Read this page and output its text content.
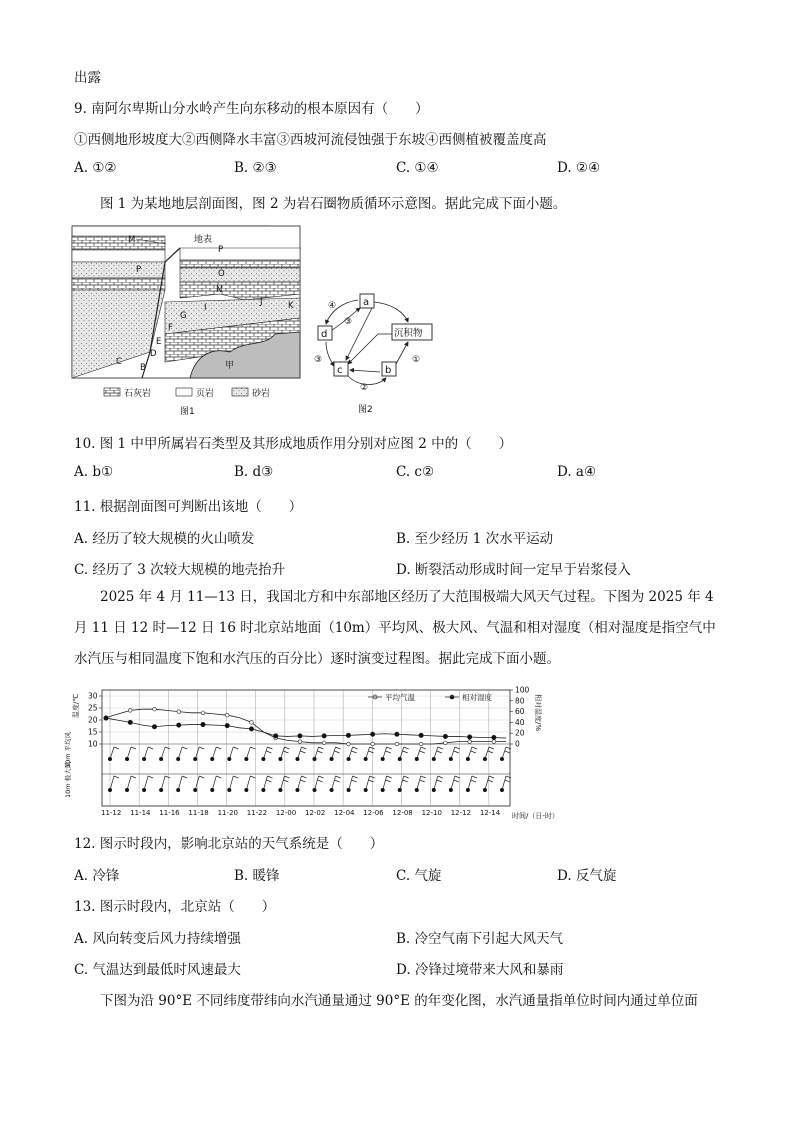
出露
9. 南阿尔卑斯山分水岭产生向东移动的根本原因有（　　）
①西侧地形坡度大②西侧降水丰富③西坡河流侵蚀强于东坡④西侧植被覆盖度高
A. ①②	B. ②③	C. ①④	D. ②④
图 1 为某地地层剖面图，图 2 为岩石圈物质循环示意图。据此完成下面小题。
M	地表
P
O
N
P
G
F
I
J	K
E
D
C
B	甲
石灰岩	页岩	砂岩
图1
a
d
c	b
沉积物
④
③
③
②
①
图2
10. 图 1 中甲所属岩石类型及其形成地质作用分别对应图 2 中的（　　）
A. b①	B. d③	C. c②	D. a④
11. 根据剖面图可判断出该地（　　）
A. 经历了较大规模的火山喷发	B. 至少经历 1 次水平运动
C. 经历了 3 次较大规模的地壳抬升	D. 断裂活动形成时间一定早于岩浆侵入
2025 年 4 月 11—13 日，我国北方和中东部地区经历了大范围极端大风天气过程。下图为 2025 年 4 月 11 日 12 时—12 日 16 时北京站地面（10m）平均风、极大风、气温和相对湿度（相对湿度是指空气中水汽压与相同温度下饱和水汽压的百分比）逐时演变过程图。据此完成下面小题。
温度/℃	相对湿度/%
10m 平均风
10m 极大风
平均气温	相对湿度
时间/（日-时）
10
15
20
25
30
0
20
40
60
80
100
11-12 11-14 11-16 11-18 11-20 11-22 12-00 12-02 12-04 12-06 12-08 12-10 12-12 12-14
12. 图示时段内，影响北京站的天气系统是（　　）
A. 冷锋	B. 暖锋	C. 气旋	D. 反气旋
13. 图示时段内，北京站（　　）
A. 风向转变后风力持续增强	B. 冷空气南下引起大风天气
C. 气温达到最低时风速最大	D. 冷锋过境带来大风和暴雨
下图为沿 90°E 不同纬度带纬向水汽通量通过 90°E 的年变化图，水汽通量指单位时间内通过单位面
